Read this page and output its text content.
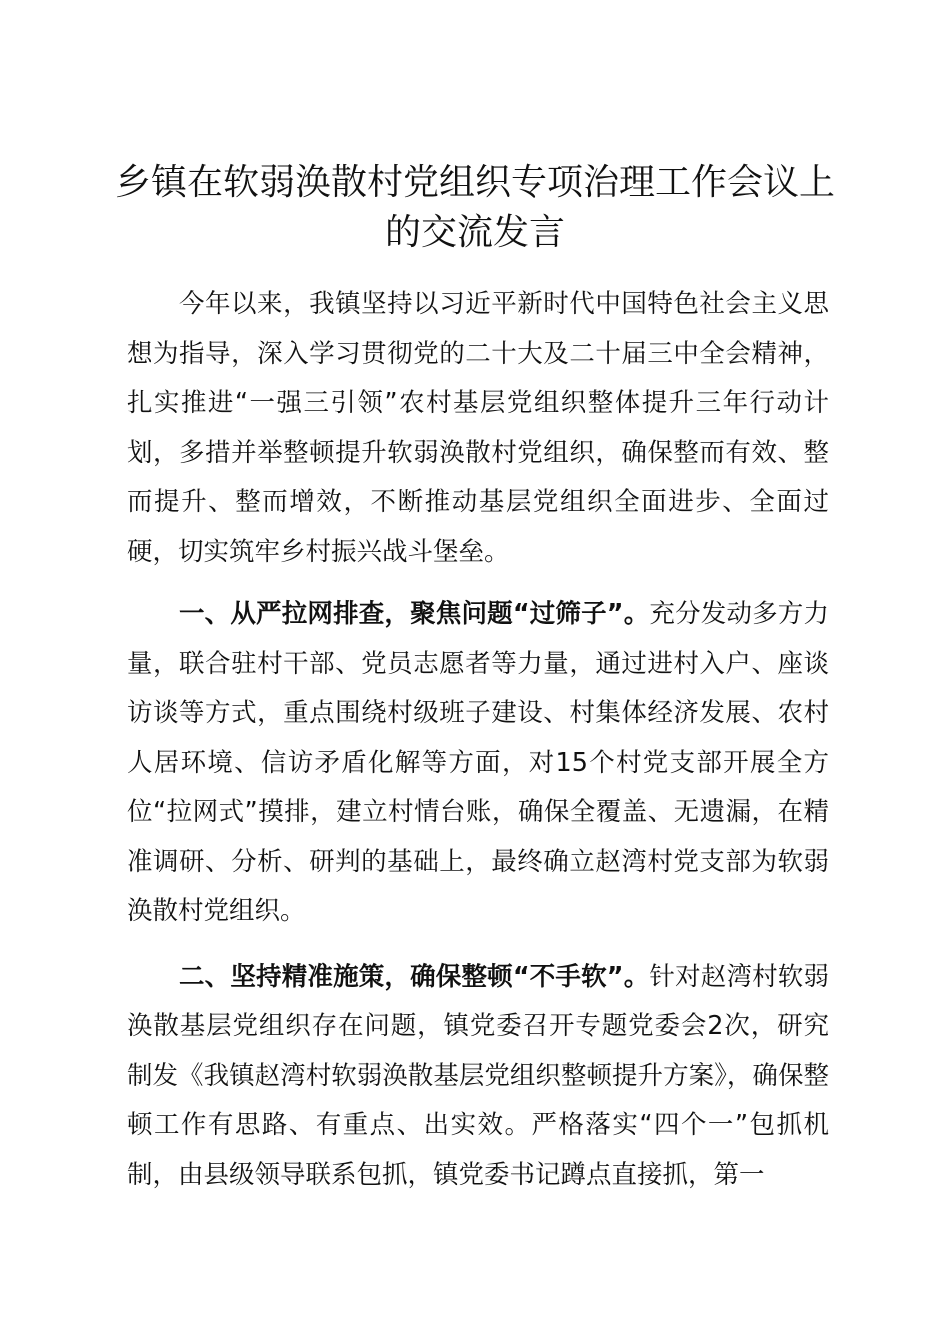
乡镇在软弱涣散村党组织专项治理工作会议上的交流发言

今年以来，我镇坚持以习近平新时代中国特色社会主义思想为指导，深入学习贯彻党的二十大及二十届三中全会精神，扎实推进“一强三引领”农村基层党组织整体提升三年行动计划，多措并举整顿提升软弱涣散村党组织，确保整而有效、整而提升、整而增效，不断推动基层党组织全面进步、全面过硬，切实筑牢乡村振兴战斗堡垒。

一、从严拉网排查，聚焦问题“过筛子”。充分发动多方力量，联合驻村干部、党员志愿者等力量，通过进村入户、座谈访谈等方式，重点围绕村级班子建设、村集体经济发展、农村人居环境、信访矛盾化解等方面，对15个村党支部开展全方位“拉网式”摸排，建立村情台账，确保全覆盖、无遗漏，在精准调研、分析、研判的基础上，最终确立赵湾村党支部为软弱涣散村党组织。

二、坚持精准施策，确保整顿“不手软”。针对赵湾村软弱涣散基层党组织存在问题，镇党委召开专题党委会2次，研究制发《我镇赵湾村软弱涣散基层党组织整顿提升方案》，确保整顿工作有思路、有重点、出实效。严格落实“四个一”包抓机制，由县级领导联系包抓，镇党委书记蹲点直接抓，第一
